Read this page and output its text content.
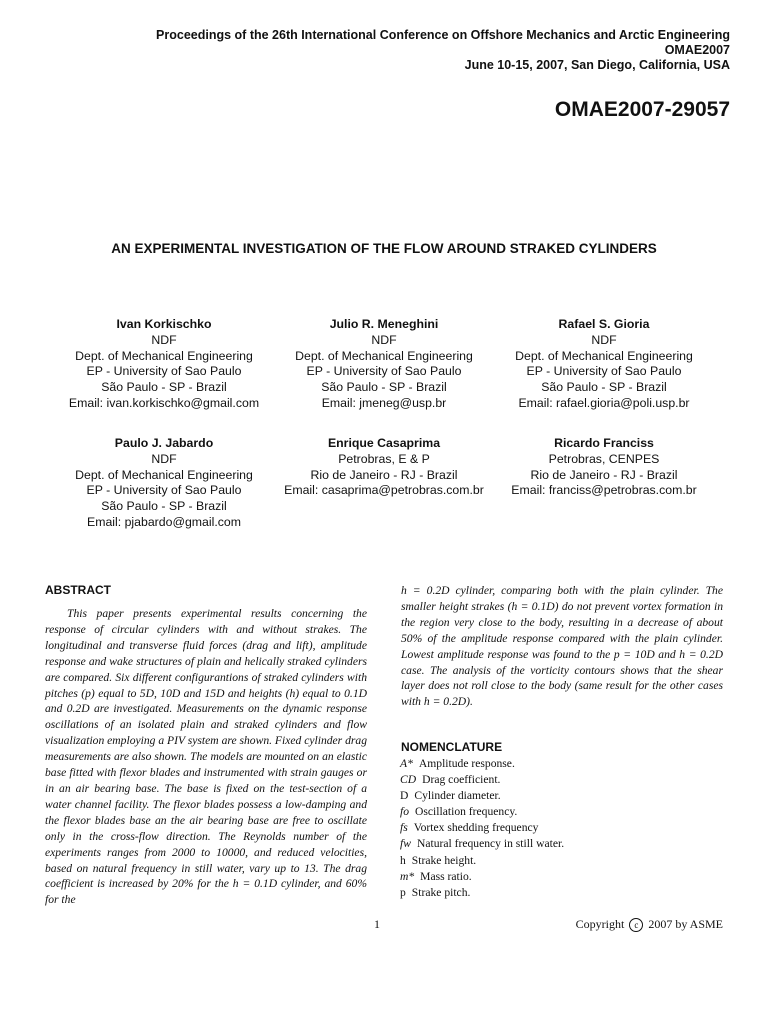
Proceedings of the 26th International Conference on Offshore Mechanics and Arctic Engineering
OMAE2007
June 10-15, 2007, San Diego, California, USA
OMAE2007-29057
AN EXPERIMENTAL INVESTIGATION OF THE FLOW AROUND STRAKED CYLINDERS
Ivan Korkischko
NDF
Dept. of Mechanical Engineering
EP - University of Sao Paulo
São Paulo - SP - Brazil
Email: ivan.korkischko@gmail.com
Julio R. Meneghini
NDF
Dept. of Mechanical Engineering
EP - University of Sao Paulo
São Paulo - SP - Brazil
Email: jmeneg@usp.br
Rafael S. Gioria
NDF
Dept. of Mechanical Engineering
EP - University of Sao Paulo
São Paulo - SP - Brazil
Email: rafael.gioria@poli.usp.br
Paulo J. Jabardo
NDF
Dept. of Mechanical Engineering
EP - University of Sao Paulo
São Paulo - SP - Brazil
Email: pjabardo@gmail.com
Enrique Casaprima
Petrobras, E & P
Rio de Janeiro - RJ - Brazil
Email: casaprima@petrobras.com.br
Ricardo Franciss
Petrobras, CENPES
Rio de Janeiro - RJ - Brazil
Email: franciss@petrobras.com.br
ABSTRACT
This paper presents experimental results concerning the response of circular cylinders with and without strakes. The longitudinal and transverse fluid forces (drag and lift), amplitude response and wake structures of plain and helically straked cylinders are compared. Six different configurantions of straked cylinders with pitches (p) equal to 5D, 10D and 15D and heights (h) equal to 0.1D and 0.2D are investigated. Measurements on the dynamic response oscillations of an isolated plain and straked cylinders and flow visualization employing a PIV system are shown. Fixed cylinder drag measurements are also shown. The models are mounted on an elastic base fitted with flexor blades and instrumented with strain gauges or in an air bearing base. The base is fixed on the test-section of a water channel facility. The flexor blades possess a low-damping and the flexor blades base an the air bearing base are free to oscillate only in the cross-flow direction. The Reynolds number of the experiments ranges from 2000 to 10000, and reduced velocities, based on natural frequency in still water, vary up to 13. The drag coefficient is increased by 20% for the h = 0.1D cylinder, and 60% for the
h = 0.2D cylinder, comparing both with the plain cylinder. The smaller height strakes (h = 0.1D) do not prevent vortex formation in the region very close to the body, resulting in a decrease of about 50% of the amplitude response compared with the plain cylinder. Lowest amplitude response was found to the p = 10D and h = 0.2D case. The analysis of the vorticity contours shows that the shear layer does not roll close to the body (same result for the other cases with h = 0.2D).
NOMENCLATURE
A* Amplitude response.
CD Drag coefficient.
D Cylinder diameter.
fo Oscillation frequency.
fs Vortex shedding frequency
fw Natural frequency in still water.
h Strake height.
m* Mass ratio.
p Strake pitch.
1	Copyright c 2007 by ASME
